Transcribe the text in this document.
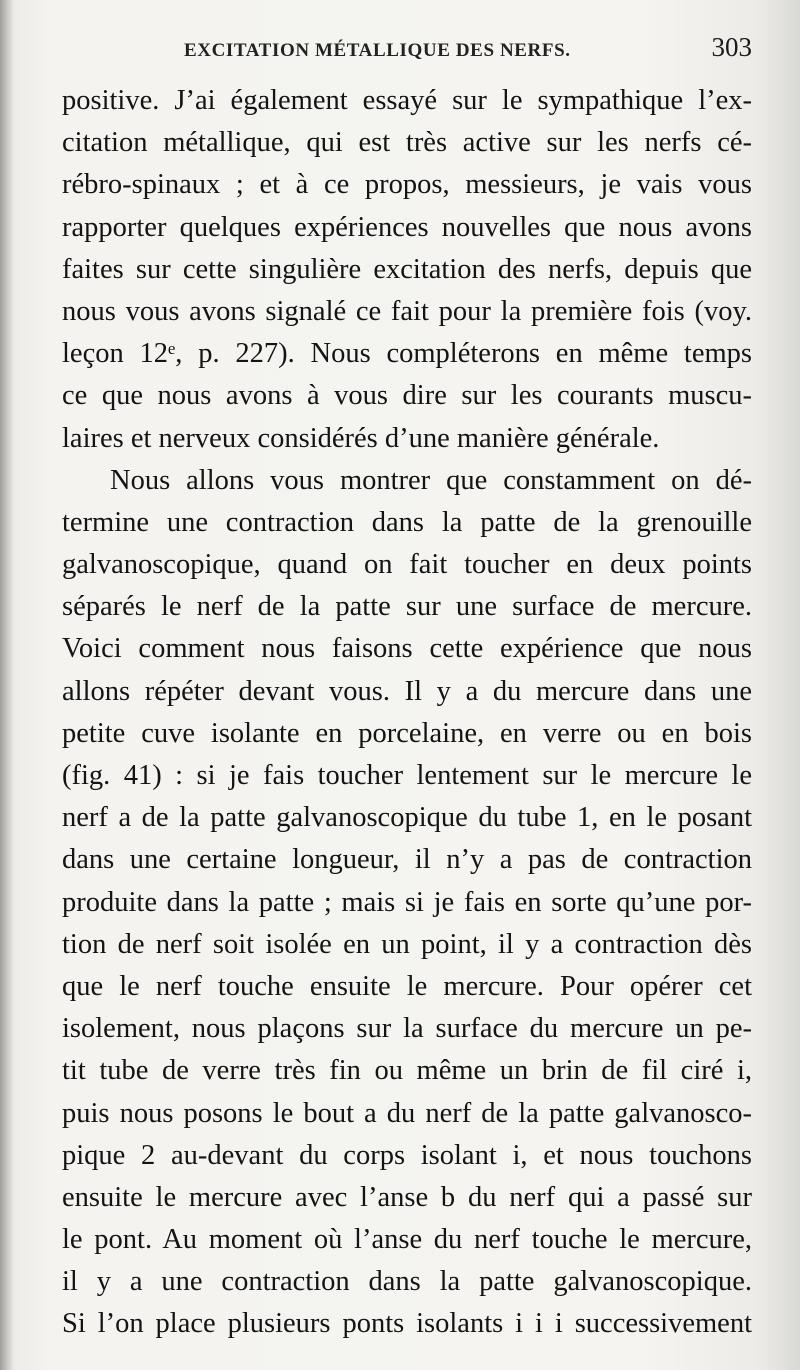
EXCITATION MÉTALLIQUE DES NERFS.	303
positive. J’ai également essayé sur le sympathique l’ex-
citation métallique, qui est très active sur les nerfs cé-
rébro-spinaux ; et à ce propos, messieurs, je vais vous
rapporter quelques expériences nouvelles que nous avons
faites sur cette singulière excitation des nerfs, depuis que
nous vous avons signalé ce fait pour la première fois (voy.
leçon 12ᵉ, p. 227). Nous compléterons en même temps
ce que nous avons à vous dire sur les courants muscu-
laires et nerveux considérés d’une manière générale.
Nous allons vous montrer que constamment on dé-
termine une contraction dans la patte de la grenouille
galvanoscopique, quand on fait toucher en deux points
séparés le nerf de la patte sur une surface de mercure.
Voici comment nous faisons cette expérience que nous
allons répéter devant vous. Il y a du mercure dans une
petite cuve isolante en porcelaine, en verre ou en bois
(fig. 41) : si je fais toucher lentement sur le mercure le
nerf a de la patte galvanoscopique du tube 1, en le posant
dans une certaine longueur, il n’y a pas de contraction
produite dans la patte ; mais si je fais en sorte qu’une por-
tion de nerf soit isolée en un point, il y a contraction dès
que le nerf touche ensuite le mercure. Pour opérer cet
isolement, nous plaçons sur la surface du mercure un pe-
tit tube de verre très fin ou même un brin de fil ciré i,
puis nous posons le bout a du nerf de la patte galvanosco-
pique 2 au-devant du corps isolant i, et nous touchons
ensuite le mercure avec l’anse b du nerf qui a passé sur
le pont. Au moment où l’anse du nerf touche le mercure,
il y a une contraction dans la patte galvanoscopique.
Si l’on place plusieurs ponts isolants i i i successivement
